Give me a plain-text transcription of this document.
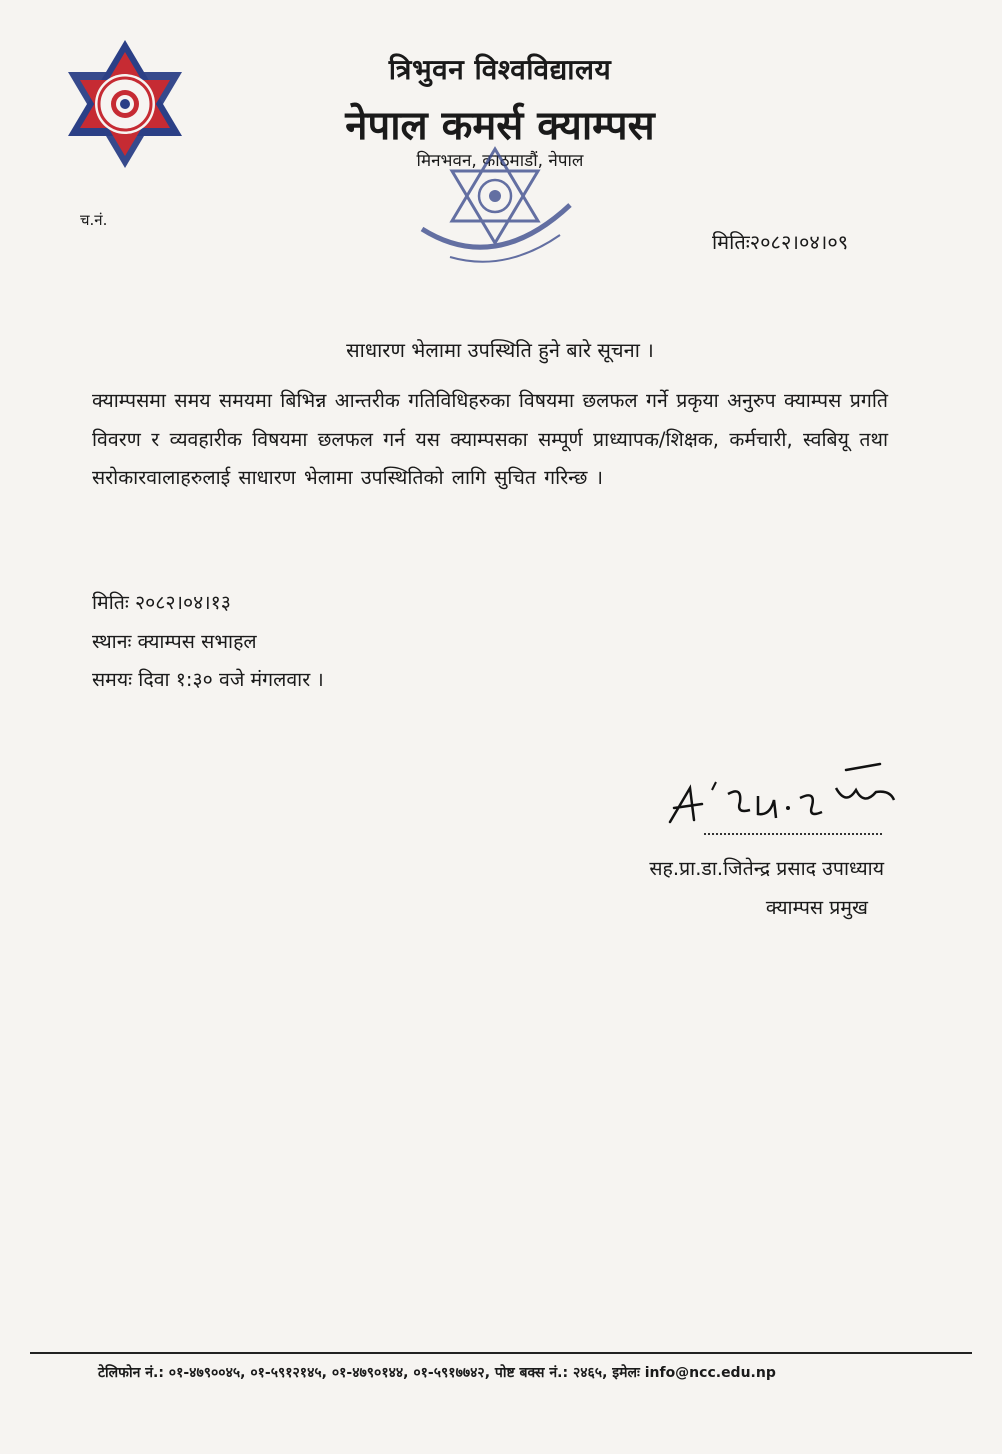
त्रिभुवन विश्वविद्यालय
नेपाल कमर्स क्याम्पस
मिनभवन, काठमाडौं, नेपाल
च.नं.
मितिः२०८२।०४।०९
साधारण भेलामा उपस्थिति हुने बारे सूचना ।
क्याम्पसमा समय समयमा बिभिन्न आन्तरीक गतिविधिहरुका विषयमा छलफल गर्ने प्रकृया अनुरुप क्याम्पस प्रगति विवरण र व्यवहारीक विषयमा छलफल गर्न यस क्याम्पसका सम्पूर्ण प्राध्यापक/शिक्षक, कर्मचारी, स्वबियू तथा सरोकारवालाहरुलाई साधारण भेलामा उपस्थितिको लागि सुचित गरिन्छ ।
मितिः २०८२।०४।१३
स्थानः क्याम्पस सभाहल
समयः दिवा १:३० वजे मंगलवार ।
सह.प्रा.डा.जितेन्द्र प्रसाद उपाध्याय
क्याम्पस प्रमुख
टेलिफोन नं.: ०१-४७९००४५, ०१-५९१२१४५, ०१-४७९०१४४, ०१-५९१७७४२, पोष्ट बक्स नं.: २४६५, इमेलः info@ncc.edu.np
